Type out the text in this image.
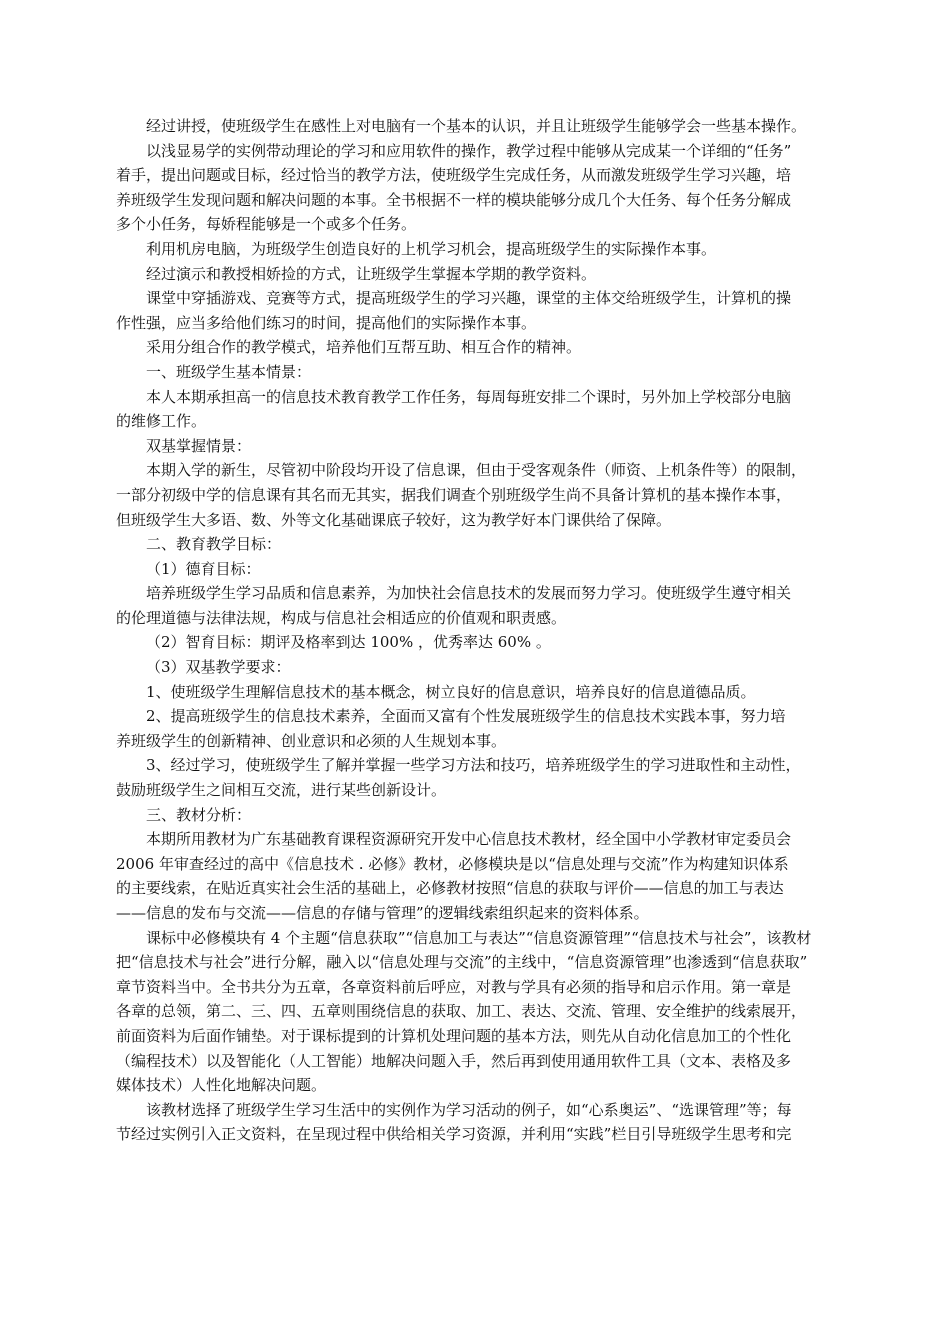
经过讲授，使班级学生在感性上对电脑有一个基本的认识，并且让班级学生能够学会一些基本操作。
以浅显易学的实例带动理论的学习和应用软件的操作，教学过程中能够从完成某一个详细的“任务”
着手，提出问题或目标，经过恰当的教学方法，使班级学生完成任务，从而激发班级学生学习兴趣，培
养班级学生发现问题和解决问题的本事。全书根据不一样的模块能够分成几个大任务、每个任务分解成
多个小任务，每娇程能够是一个或多个任务。
利用机房电脑，为班级学生创造良好的上机学习机会，提高班级学生的实际操作本事。
经过演示和教授相娇捡的方式，让班级学生掌握本学期的教学资料。
课堂中穿插游戏、竞赛等方式，提高班级学生的学习兴趣，课堂的主体交给班级学生，计算机的操
作性强，应当多给他们练习的时间，提高他们的实际操作本事。
采用分组合作的教学模式，培养他们互帮互助、相互合作的精神。
一、班级学生基本情景：
本人本期承担高一的信息技术教育教学工作任务，每周每班安排二个课时，另外加上学校部分电脑
的维修工作。
双基掌握情景：
本期入学的新生，尽管初中阶段均开设了信息课，但由于受客观条件（师资、上机条件等）的限制，
一部分初级中学的信息课有其名而无其实，据我们调查个别班级学生尚不具备计算机的基本操作本事，
但班级学生大多语、数、外等文化基础课底子较好，这为教学好本门课供给了保障。
二、教育教学目标：
（1）德育目标：
培养班级学生学习品质和信息素养，为加快社会信息技术的发展而努力学习。使班级学生遵守相关
的伦理道德与法律法规，构成与信息社会相适应的价值观和职责感。
（2）智育目标：期评及格率到达 100% ，优秀率达 60% 。
（3）双基教学要求：
1、使班级学生理解信息技术的基本概念，树立良好的信息意识，培养良好的信息道德品质。
2、提高班级学生的信息技术素养，全面而又富有个性发展班级学生的信息技术实践本事，努力培
养班级学生的创新精神、创业意识和必须的人生规划本事。
3、经过学习，使班级学生了解并掌握一些学习方法和技巧，培养班级学生的学习进取性和主动性，
鼓励班级学生之间相互交流，进行某些创新设计。
三、教材分析：
本期所用教材为广东基础教育课程资源研究开发中心信息技术教材，经全国中小学教材审定委员会
2006 年审查经过的高中《信息技术 . 必修》教材，必修模块是以“信息处理与交流”作为构建知识体系
的主要线索，在贴近真实社会生活的基础上，必修教材按照“信息的获取与评价——信息的加工与表达
——信息的发布与交流——信息的存储与管理”的逻辑线索组织起来的资料体系。
课标中必修模块有 4 个主题“信息获取”“信息加工与表达”“信息资源管理”“信息技术与社会”，该教材
把“信息技术与社会”进行分解，融入以“信息处理与交流”的主线中，“信息资源管理”也渗透到“信息获取”
章节资料当中。全书共分为五章，各章资料前后呼应，对教与学具有必须的指导和启示作用。第一章是
各章的总领，第二、三、四、五章则围绕信息的获取、加工、表达、交流、管理、安全维护的线索展开，
前面资料为后面作铺垫。对于课标提到的计算机处理问题的基本方法，则先从自动化信息加工的个性化
（编程技术）以及智能化（人工智能）地解决问题入手，然后再到使用通用软件工具（文本、表格及多
媒体技术）人性化地解决问题。
该教材选择了班级学生学习生活中的实例作为学习活动的例子，如“心系奥运”、“选课管理”等；每
节经过实例引入正文资料，在呈现过程中供给相关学习资源，并利用“实践”栏目引导班级学生思考和完
